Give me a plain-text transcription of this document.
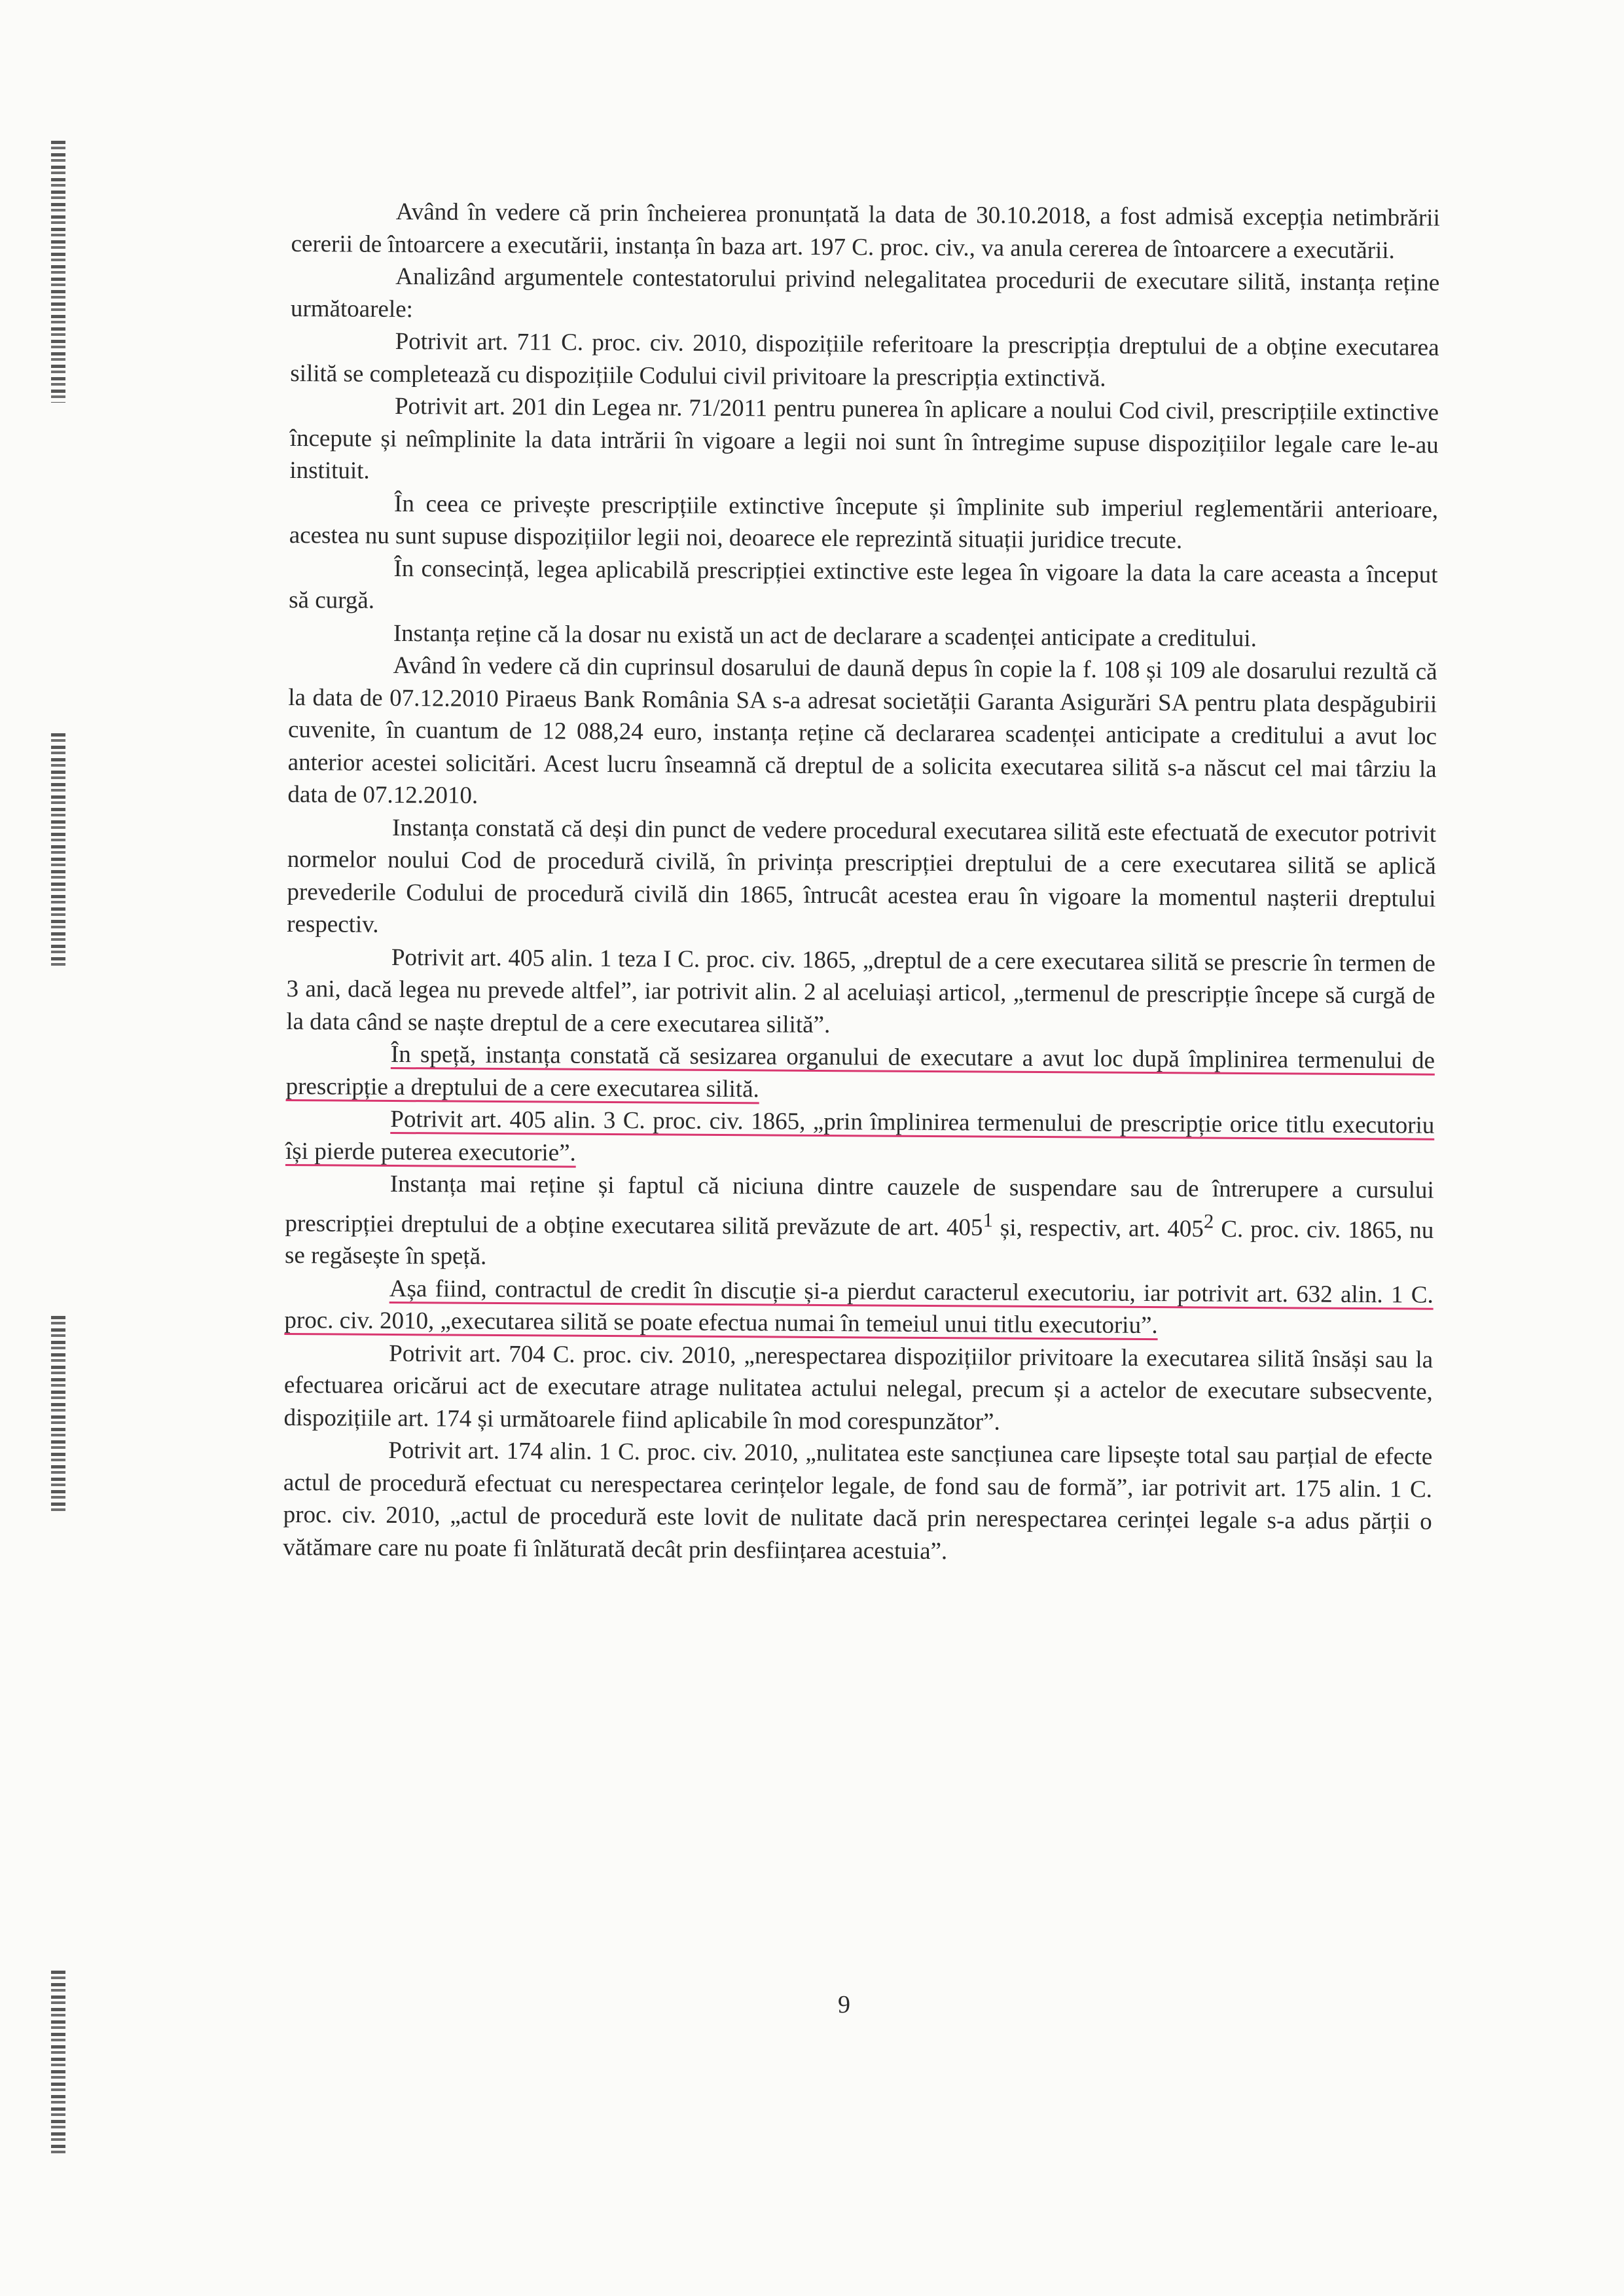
Având în vedere că prin încheierea pronunțată la data de 30.10.2018, a fost admisă excepția netimbrării cererii de întoarcere a executării, instanța în baza art. 197 C. proc. civ., va anula cererea de întoarcere a executării.

Analizând argumentele contestatorului privind nelegalitatea procedurii de executare silită, instanța reține următoarele:

Potrivit art. 711 C. proc. civ. 2010, dispozițiile referitoare la prescripția dreptului de a obține executarea silită se completează cu dispozițiile Codului civil privitoare la prescripția extinctivă.

Potrivit art. 201 din Legea nr. 71/2011 pentru punerea în aplicare a noului Cod civil, prescripțiile extinctive începute și neîmplinite la data intrării în vigoare a legii noi sunt în întregime supuse dispozițiilor legale care le-au instituit.

În ceea ce privește prescripțiile extinctive începute și împlinite sub imperiul reglementării anterioare, acestea nu sunt supuse dispozițiilor legii noi, deoarece ele reprezintă situații juridice trecute.

În consecință, legea aplicabilă prescripției extinctive este legea în vigoare la data la care aceasta a început să curgă.

Instanța reține că la dosar nu există un act de declarare a scadenței anticipate a creditului.

Având în vedere că din cuprinsul dosarului de daună depus în copie la f. 108 și 109 ale dosarului rezultă că la data de 07.12.2010 Piraeus Bank România SA s-a adresat societății Garanta Asigurări SA pentru plata despăgubirii cuvenite, în cuantum de 12 088,24 euro, instanța reține că declararea scadenței anticipate a creditului a avut loc anterior acestei solicitări. Acest lucru înseamnă că dreptul de a solicita executarea silită s-a născut cel mai târziu la data de 07.12.2010.

Instanța constată că deși din punct de vedere procedural executarea silită este efectuată de executor potrivit normelor noului Cod de procedură civilă, în privința prescripției dreptului de a cere executarea silită se aplică prevederile Codului de procedură civilă din 1865, întrucât acestea erau în vigoare la momentul nașterii dreptului respectiv.

Potrivit art. 405 alin. 1 teza I C. proc. civ. 1865, „dreptul de a cere executarea silită se prescrie în termen de 3 ani, dacă legea nu prevede altfel”, iar potrivit alin. 2 al aceluiași articol, „termenul de prescripție începe să curgă de la data când se naște dreptul de a cere executarea silită”.

În speță, instanța constată că sesizarea organului de executare a avut loc după împlinirea termenului de prescripție a dreptului de a cere executarea silită.

Potrivit art. 405 alin. 3 C. proc. civ. 1865, „prin împlinirea termenului de prescripție orice titlu executoriu își pierde puterea executorie”.

Instanța mai reține și faptul că niciuna dintre cauzele de suspendare sau de întrerupere a cursului prescripției dreptului de a obține executarea silită prevăzute de art. $405^1$ și, respectiv, art. $405^2$ C. proc. civ. 1865, nu se regăsește în speță.

Așa fiind, contractul de credit în discuție și-a pierdut caracterul executoriu, iar potrivit art. 632 alin. 1 C. proc. civ. 2010, „executarea silită se poate efectua numai în temeiul unui titlu executoriu”.

Potrivit art. 704 C. proc. civ. 2010, „nerespectarea dispozițiilor privitoare la executarea silită însăși sau la efectuarea oricărui act de executare atrage nulitatea actului nelegal, precum și a actelor de executare subsecvente, dispozițiile art. 174 și următoarele fiind aplicabile în mod corespunzător”.

Potrivit art. 174 alin. 1 C. proc. civ. 2010, „nulitatea este sancțiunea care lipsește total sau parțial de efecte actul de procedură efectuat cu nerespectarea cerințelor legale, de fond sau de formă”, iar potrivit art. 175 alin. 1 C. proc. civ. 2010, „actul de procedură este lovit de nulitate dacă prin nerespectarea cerinței legale s-a adus părții o vătămare care nu poate fi înlăturată decât prin desființarea acestuia”.

9
